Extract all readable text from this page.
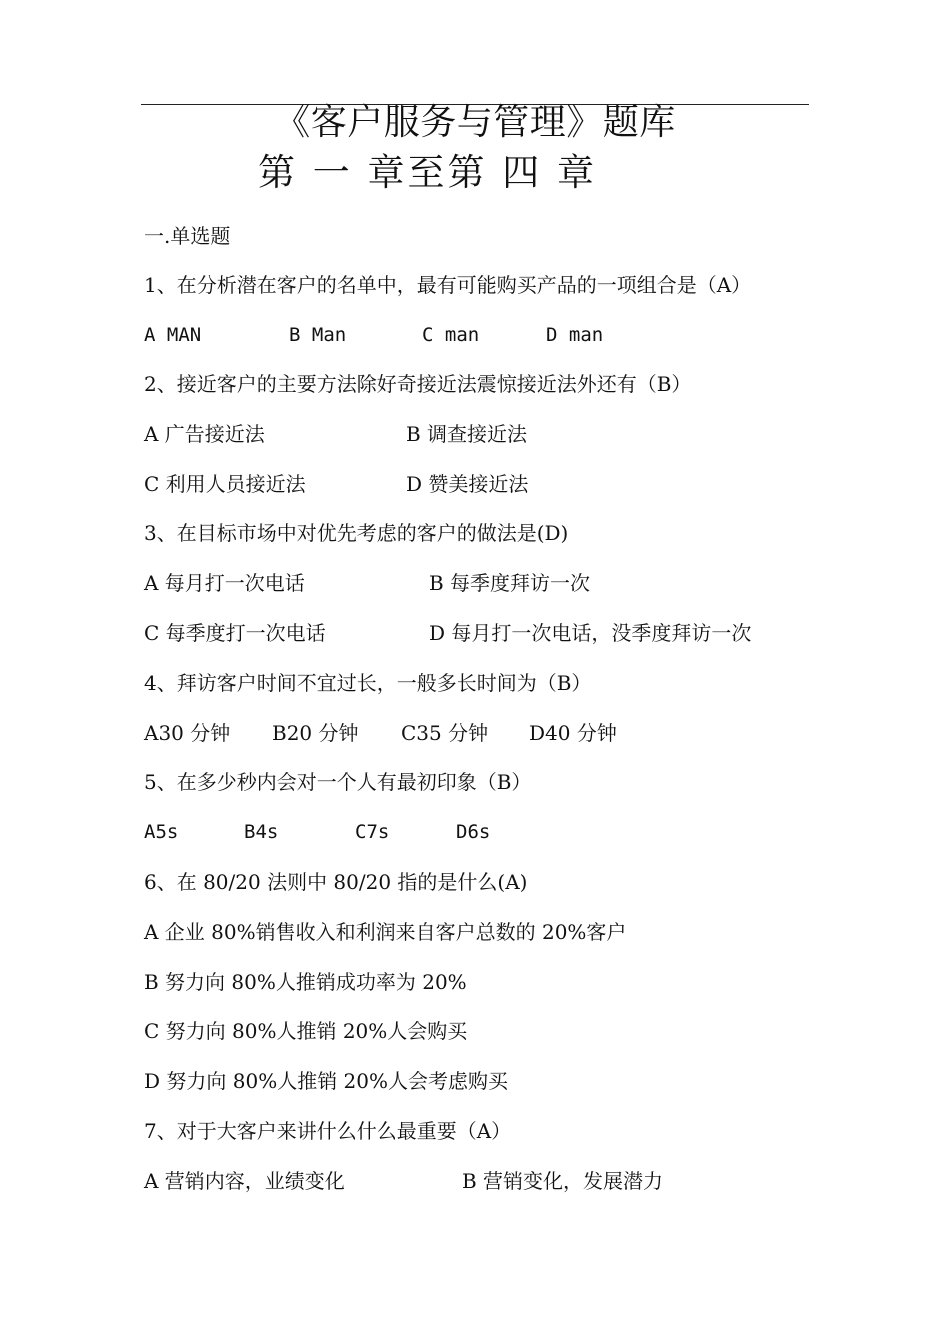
《客户服务与管理》题库
第 一 章至第 四 章
一.单选题
1、在分析潜在客户的名单中，最有可能购买产品的一项组合是（A）
A MAN	B Man	C man	D man
2、接近客户的主要方法除好奇接近法震惊接近法外还有（B）
A 广告接近法	B 调查接近法
C 利用人员接近法	D 赞美接近法
3、在目标市场中对优先考虑的客户的做法是(D)
A 每月打一次电话	B 每季度拜访一次
C 每季度打一次电话	D 每月打一次电话，没季度拜访一次
4、拜访客户时间不宜过长，一般多长时间为（B）
A30 分钟 B20 分钟 C35 分钟 D40 分钟
5、在多少秒内会对一个人有最初印象（B）
A5s	B4s	C7s	D6s
6、在 80/20 法则中 80/20 指的是什么(A)
A 企业 80%销售收入和利润来自客户总数的 20%客户
B 努力向 80%人推销成功率为 20%
C 努力向 80%人推销 20%人会购买
D 努力向 80%人推销 20%人会考虑购买
7、对于大客户来讲什么什么最重要（A）
A 营销内容，业绩变化	B 营销变化，发展潜力
